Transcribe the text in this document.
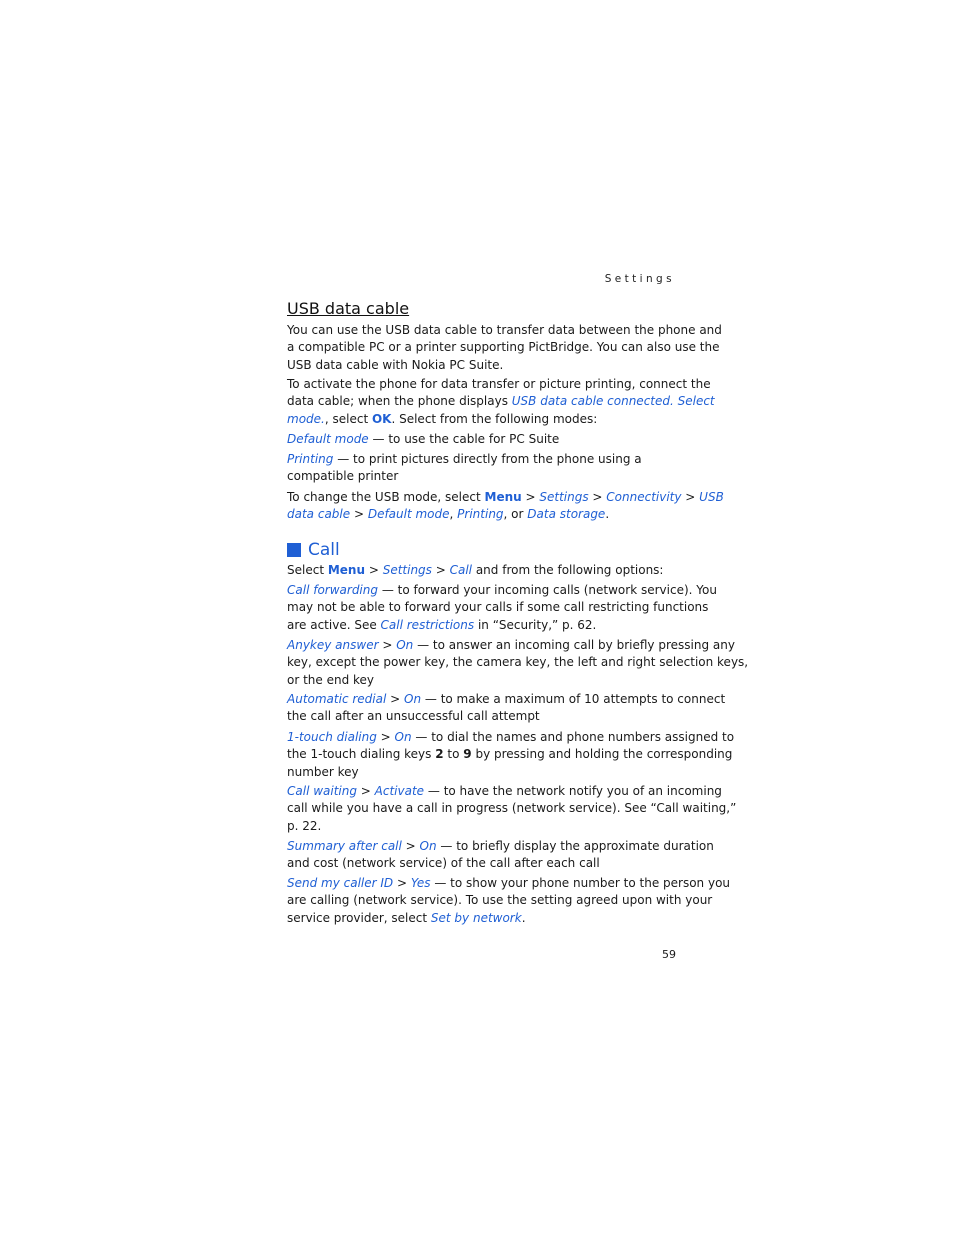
Settings
USB data cable

You can use the USB data cable to transfer data between the phone and
a compatible PC or a printer supporting PictBridge. You can also use the
USB data cable with Nokia PC Suite.

To activate the phone for data transfer or picture printing, connect the
data cable; when the phone displays USB data cable connected. Select
mode., select OK. Select from the following modes:

Default mode — to use the cable for PC Suite

Printing — to print pictures directly from the phone using a
compatible printer

To change the USB mode, select Menu > Settings > Connectivity > USB
data cable > Default mode, Printing, or Data storage.

Call

Select Menu > Settings > Call and from the following options:

Call forwarding — to forward your incoming calls (network service). You
may not be able to forward your calls if some call restricting functions
are active. See Call restrictions in “Security,” p. 62.

Anykey answer > On — to answer an incoming call by briefly pressing any
key, except the power key, the camera key, the left and right selection keys,
or the end key

Automatic redial > On — to make a maximum of 10 attempts to connect
the call after an unsuccessful call attempt

1-touch dialing > On — to dial the names and phone numbers assigned to
the 1-touch dialing keys 2 to 9 by pressing and holding the corresponding
number key

Call waiting > Activate — to have the network notify you of an incoming
call while you have a call in progress (network service). See “Call waiting,”
p. 22.

Summary after call > On — to briefly display the approximate duration
and cost (network service) of the call after each call

Send my caller ID > Yes — to show your phone number to the person you
are calling (network service). To use the setting agreed upon with your
service provider, select Set by network.

59
